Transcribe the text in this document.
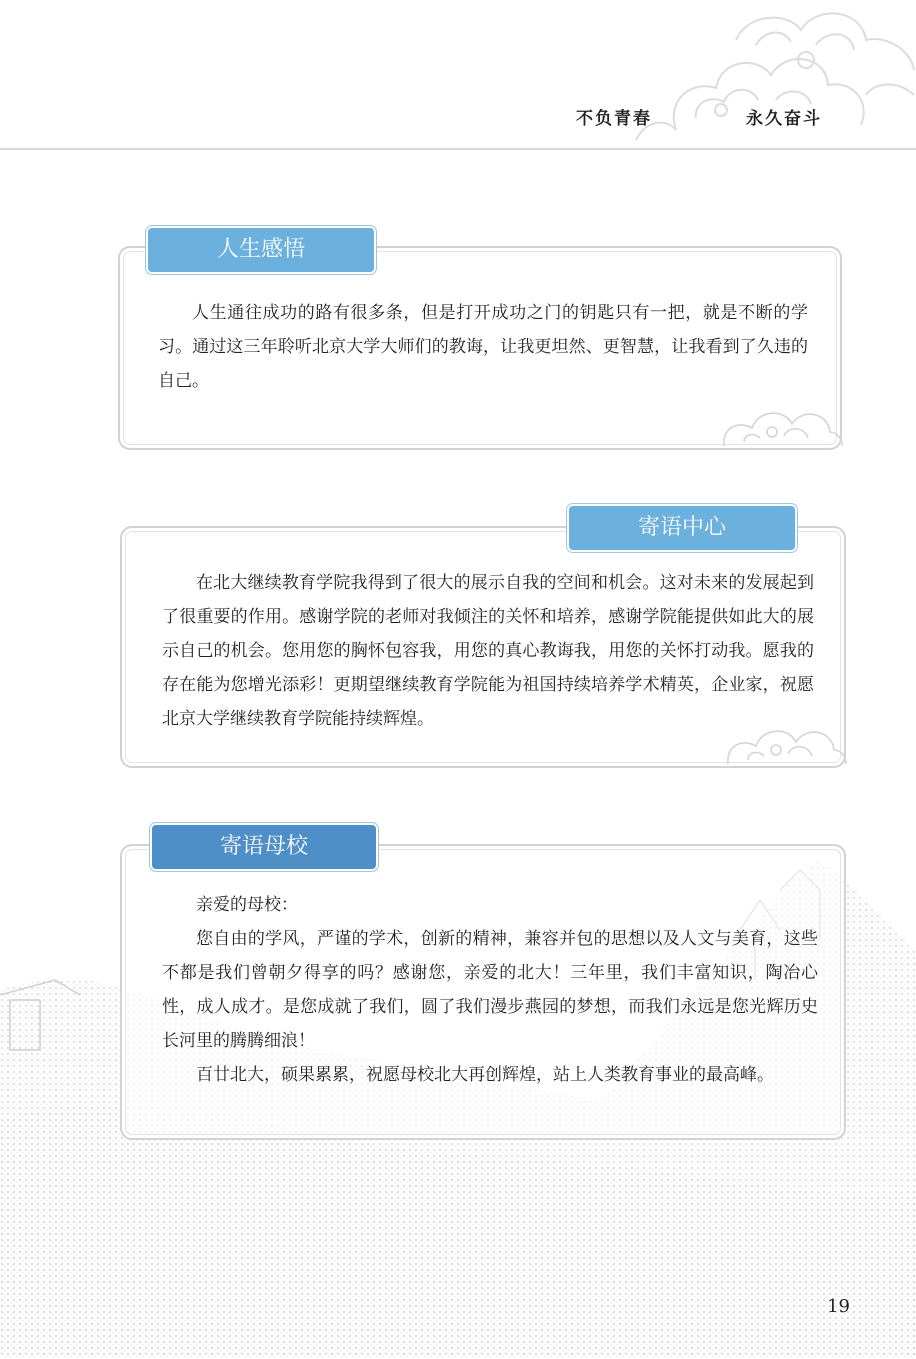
不负青春	永久奋斗
人生感悟

人生通往成功的路有很多条，但是打开成功之门的钥匙只有一把，就是不断的学习。通过这三年聆听北京大学大师们的教诲，让我更坦然、更智慧，让我看到了久违的自己。

寄语中心

在北大继续教育学院我得到了很大的展示自我的空间和机会。这对未来的发展起到了很重要的作用。感谢学院的老师对我倾注的关怀和培养，感谢学院能提供如此大的展示自己的机会。您用您的胸怀包容我，用您的真心教诲我，用您的关怀打动我。愿我的存在能为您增光添彩！更期望继续教育学院能为祖国持续培养学术精英，企业家，祝愿北京大学继续教育学院能持续辉煌。

寄语母校

亲爱的母校：
您自由的学风，严谨的学术，创新的精神，兼容并包的思想以及人文与美育，这些不都是我们曾朝夕得享的吗？感谢您，亲爱的北大！三年里，我们丰富知识，陶冶心性，成人成才。是您成就了我们，圆了我们漫步燕园的梦想，而我们永远是您光辉历史长河里的腾腾细浪！
百廿北大，硕果累累，祝愿母校北大再创辉煌，站上人类教育事业的最高峰。

19
